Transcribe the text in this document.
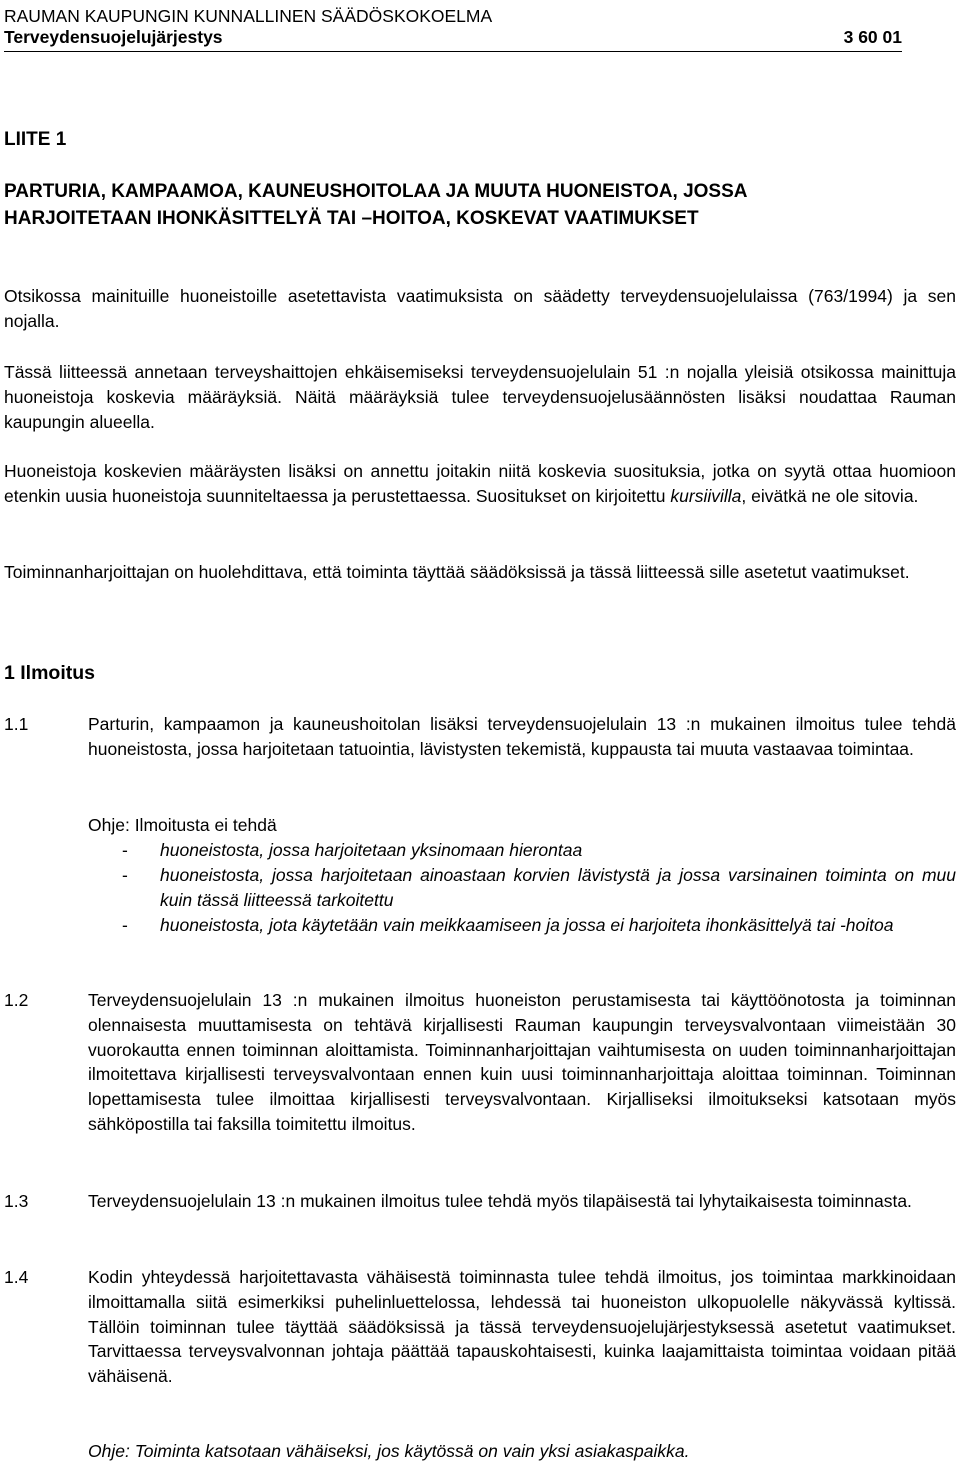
RAUMAN KAUPUNGIN KUNNALLINEN SÄÄDÖSKOKOELMA
Terveydensuojelujärjestys	3 60 01
LIITE 1
PARTURIA, KAMPAAMOA, KAUNEUSHOITOLAA JA MUUTA HUONEISTOA, JOSSA
HARJOITETAAN IHONKÄSITTELYÄ TAI –HOITOA, KOSKEVAT VAATIMUKSET
Otsikossa mainituille huoneistoille asetettavista vaatimuksista on säädetty terveydensuojelulaissa (763/1994) ja sen nojalla.
Tässä liitteessä annetaan terveyshaittojen ehkäisemiseksi terveydensuojelulain 51 :n nojalla yleisiä otsikossa mainittuja huoneistoja koskevia määräyksiä. Näitä määräyksiä tulee terveydensuojelusäännösten lisäksi noudattaa Rauman kaupungin alueella.
Huoneistoja koskevien määräysten lisäksi on annettu joitakin niitä koskevia suosituksia, jotka on syytä ottaa huomioon etenkin uusia huoneistoja suunniteltaessa ja perustettaessa. Suositukset on kirjoitettu kursiivilla, eivätkä ne ole sitovia.
Toiminnanharjoittajan on huolehdittava, että toiminta täyttää säädöksissä ja tässä liitteessä sille asetetut vaatimukset.
1 Ilmoitus
1.1	Parturin, kampaamon ja kauneushoitolan lisäksi terveydensuojelulain 13 :n mukainen ilmoitus tulee tehdä huoneistosta, jossa harjoitetaan tatuointia, lävistysten tekemistä, kuppausta tai muuta vastaavaa toimintaa.
Ohje: Ilmoitusta ei tehdä
- huoneistosta, jossa harjoitetaan yksinomaan hierontaa
- huoneistosta, jossa harjoitetaan ainoastaan korvien lävistystä ja jossa varsinainen toiminta on muu kuin tässä liitteessä tarkoitettu
- huoneistosta, jota käytetään vain meikkaamiseen ja jossa ei harjoiteta ihonkäsittelyä tai -hoitoa
1.2	Terveydensuojelulain 13 :n mukainen ilmoitus huoneiston perustamisesta tai käyttöönotosta ja toiminnan olennaisesta muuttamisesta on tehtävä kirjallisesti Rauman kaupungin terveysvalvontaan viimeistään 30 vuorokautta ennen toiminnan aloittamista. Toiminnanharjoittajan vaihtumisesta on uuden toiminnanharjoittajan ilmoitettava kirjallisesti terveysvalvontaan ennen kuin uusi toiminnanharjoittaja aloittaa toiminnan. Toiminnan lopettamisesta tulee ilmoittaa kirjallisesti terveysvalvontaan. Kirjalliseksi ilmoitukseksi katsotaan myös sähköpostilla tai faksilla toimitettu ilmoitus.
1.3	Terveydensuojelulain 13 :n mukainen ilmoitus tulee tehdä myös tilapäisestä tai lyhytaikaisesta toiminnasta.
1.4	Kodin yhteydessä harjoitettavasta vähäisestä toiminnasta tulee tehdä ilmoitus, jos toimintaa markkinoidaan ilmoittamalla siitä esimerkiksi puhelinluettelossa, lehdessä tai huoneiston ulkopuolelle näkyvässä kyltissä. Tällöin toiminnan tulee täyttää säädöksissä ja tässä terveydensuojelujärjestyksessä asetetut vaatimukset. Tarvittaessa terveysvalvonnan johtaja päättää tapauskohtaisesti, kuinka laajamittaista toimintaa voidaan pitää vähäisenä.
Ohje: Toiminta katsotaan vähäiseksi, jos käytössä on vain yksi asiakaspaikka.
